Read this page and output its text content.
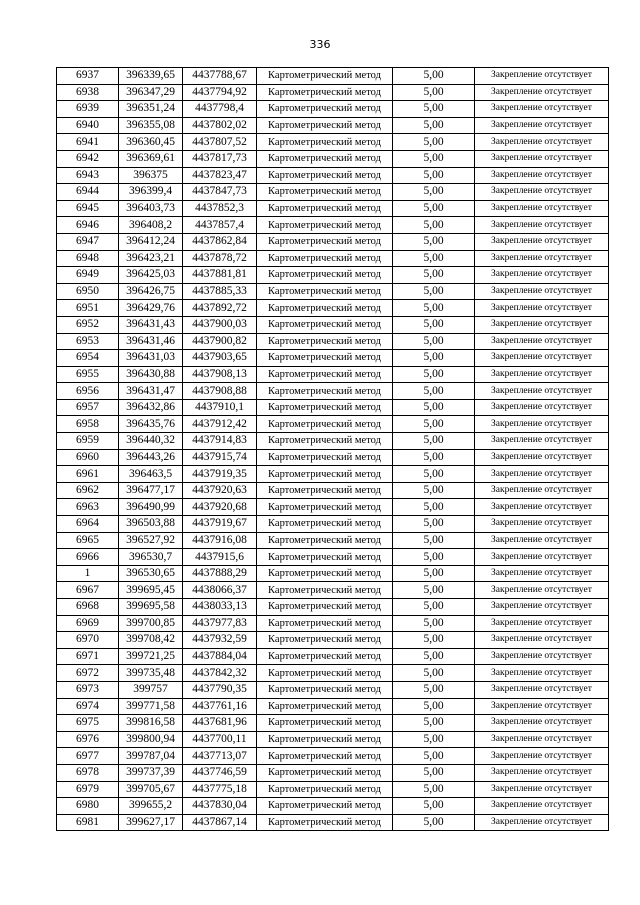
336
6937	396339,65	4437788,67	Картометрический метод	5,00	Закрепление отсутствует
6938	396347,29	4437794,92	Картометрический метод	5,00	Закрепление отсутствует
6939	396351,24	4437798,4	Картометрический метод	5,00	Закрепление отсутствует
6940	396355,08	4437802,02	Картометрический метод	5,00	Закрепление отсутствует
6941	396360,45	4437807,52	Картометрический метод	5,00	Закрепление отсутствует
6942	396369,61	4437817,73	Картометрический метод	5,00	Закрепление отсутствует
6943	396375	4437823,47	Картометрический метод	5,00	Закрепление отсутствует
6944	396399,4	4437847,73	Картометрический метод	5,00	Закрепление отсутствует
6945	396403,73	4437852,3	Картометрический метод	5,00	Закрепление отсутствует
6946	396408,2	4437857,4	Картометрический метод	5,00	Закрепление отсутствует
6947	396412,24	4437862,84	Картометрический метод	5,00	Закрепление отсутствует
6948	396423,21	4437878,72	Картометрический метод	5,00	Закрепление отсутствует
6949	396425,03	4437881,81	Картометрический метод	5,00	Закрепление отсутствует
6950	396426,75	4437885,33	Картометрический метод	5,00	Закрепление отсутствует
6951	396429,76	4437892,72	Картометрический метод	5,00	Закрепление отсутствует
6952	396431,43	4437900,03	Картометрический метод	5,00	Закрепление отсутствует
6953	396431,46	4437900,82	Картометрический метод	5,00	Закрепление отсутствует
6954	396431,03	4437903,65	Картометрический метод	5,00	Закрепление отсутствует
6955	396430,88	4437908,13	Картометрический метод	5,00	Закрепление отсутствует
6956	396431,47	4437908,88	Картометрический метод	5,00	Закрепление отсутствует
6957	396432,86	4437910,1	Картометрический метод	5,00	Закрепление отсутствует
6958	396435,76	4437912,42	Картометрический метод	5,00	Закрепление отсутствует
6959	396440,32	4437914,83	Картометрический метод	5,00	Закрепление отсутствует
6960	396443,26	4437915,74	Картометрический метод	5,00	Закрепление отсутствует
6961	396463,5	4437919,35	Картометрический метод	5,00	Закрепление отсутствует
6962	396477,17	4437920,63	Картометрический метод	5,00	Закрепление отсутствует
6963	396490,99	4437920,68	Картометрический метод	5,00	Закрепление отсутствует
6964	396503,88	4437919,67	Картометрический метод	5,00	Закрепление отсутствует
6965	396527,92	4437916,08	Картометрический метод	5,00	Закрепление отсутствует
6966	396530,7	4437915,6	Картометрический метод	5,00	Закрепление отсутствует
1	396530,65	4437888,29	Картометрический метод	5,00	Закрепление отсутствует
6967	399695,45	4438066,37	Картометрический метод	5,00	Закрепление отсутствует
6968	399695,58	4438033,13	Картометрический метод	5,00	Закрепление отсутствует
6969	399700,85	4437977,83	Картометрический метод	5,00	Закрепление отсутствует
6970	399708,42	4437932,59	Картометрический метод	5,00	Закрепление отсутствует
6971	399721,25	4437884,04	Картометрический метод	5,00	Закрепление отсутствует
6972	399735,48	4437842,32	Картометрический метод	5,00	Закрепление отсутствует
6973	399757	4437790,35	Картометрический метод	5,00	Закрепление отсутствует
6974	399771,58	4437761,16	Картометрический метод	5,00	Закрепление отсутствует
6975	399816,58	4437681,96	Картометрический метод	5,00	Закрепление отсутствует
6976	399800,94	4437700,11	Картометрический метод	5,00	Закрепление отсутствует
6977	399787,04	4437713,07	Картометрический метод	5,00	Закрепление отсутствует
6978	399737,39	4437746,59	Картометрический метод	5,00	Закрепление отсутствует
6979	399705,67	4437775,18	Картометрический метод	5,00	Закрепление отсутствует
6980	399655,2	4437830,04	Картометрический метод	5,00	Закрепление отсутствует
6981	399627,17	4437867,14	Картометрический метод	5,00	Закрепление отсутствует
